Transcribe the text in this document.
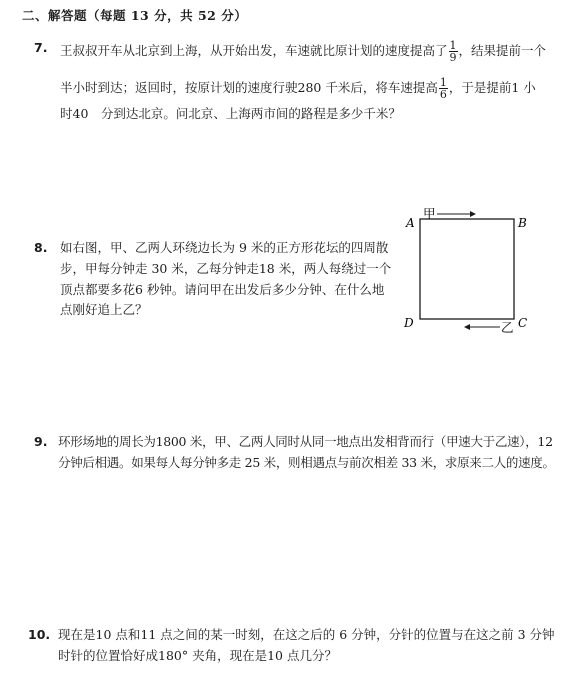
二、解答题（每题 13 分，共 52 分）
7. 王叔叔开车从北京到上海，从开始出发，车速就比原计划的速度提高了 $\frac{1}{9}$ ，结果提前一个
半小时到达；返回时，按原计划的速度行驶280 千米后，将车速提高 $\frac{1}{6}$ ，于是提前1 小
时40　分到达北京。问北京、上海两市间的路程是多少千米？
8. 如右图，甲、乙两人环绕边长为 9 米的正方形花坛的四周散
步，甲每分钟走 30 米，乙每分钟走18 米，两人每绕过一个
顶点都要多花6 秒钟。请问甲在出发后多少分钟、在什么地
点刚好追上乙？
A	B
C
D
甲
乙
9. 环形场地的周长为1800 米，甲、乙两人同时从同一地点出发相背而行（甲速大于乙速），12
分钟后相遇。如果每人每分钟多走 25 米，则相遇点与前次相差 33 米，求原来二人的速度。
10. 现在是10 点和11 点之间的某一时刻，在这之后的 6 分钟，分针的位置与在这之前 3 分钟
时针的位置恰好成180° 夹角，现在是10 点几分？
